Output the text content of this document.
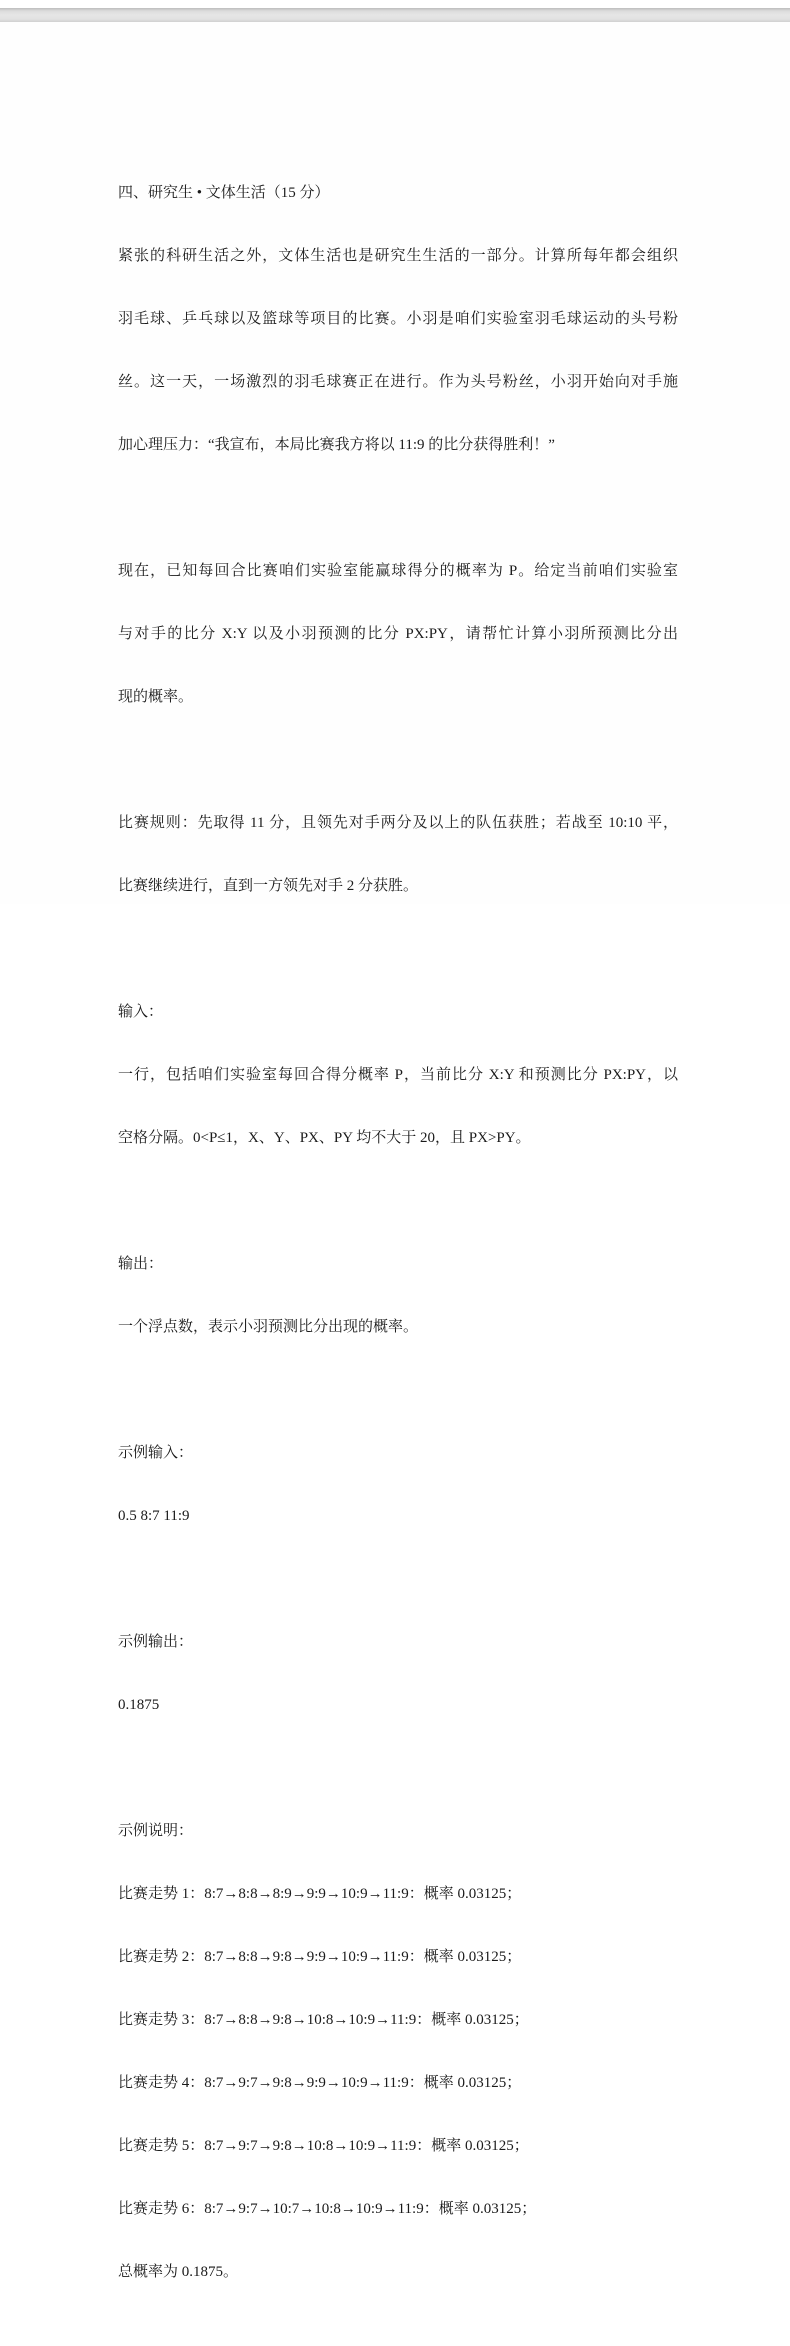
四、研究生 • 文体生活（15 分）

紧张的科研生活之外，文体生活也是研究生生活的一部分。计算所每年都会组织

羽毛球、乒乓球以及篮球等项目的比赛。小羽是咱们实验室羽毛球运动的头号粉

丝。这一天，一场激烈的羽毛球赛正在进行。作为头号粉丝，小羽开始向对手施

加心理压力：“我宣布，本局比赛我方将以 11:9 的比分获得胜利！”

现在，已知每回合比赛咱们实验室能赢球得分的概率为 P。给定当前咱们实验室

与对手的比分 X:Y 以及小羽预测的比分 PX:PY，请帮忙计算小羽所预测比分出

现的概率。

比赛规则：先取得 11 分，且领先对手两分及以上的队伍获胜；若战至 10:10 平，

比赛继续进行，直到一方领先对手 2 分获胜。

输入：

一行，包括咱们实验室每回合得分概率 P，当前比分 X:Y 和预测比分 PX:PY，以

空格分隔。0<P≤1，X、Y、PX、PY 均不大于 20，且 PX>PY。

输出：

一个浮点数，表示小羽预测比分出现的概率。

示例输入：

0.5 8:7 11:9

示例输出：

0.1875

示例说明：

比赛走势 1：8:7→8:8→8:9→9:9→10:9→11:9：概率 0.03125；

比赛走势 2：8:7→8:8→9:8→9:9→10:9→11:9：概率 0.03125；

比赛走势 3：8:7→8:8→9:8→10:8→10:9→11:9：概率 0.03125；

比赛走势 4：8:7→9:7→9:8→9:9→10:9→11:9：概率 0.03125；

比赛走势 5：8:7→9:7→9:8→10:8→10:9→11:9：概率 0.03125；

比赛走势 6：8:7→9:7→10:7→10:8→10:9→11:9：概率 0.03125；

总概率为 0.1875。
